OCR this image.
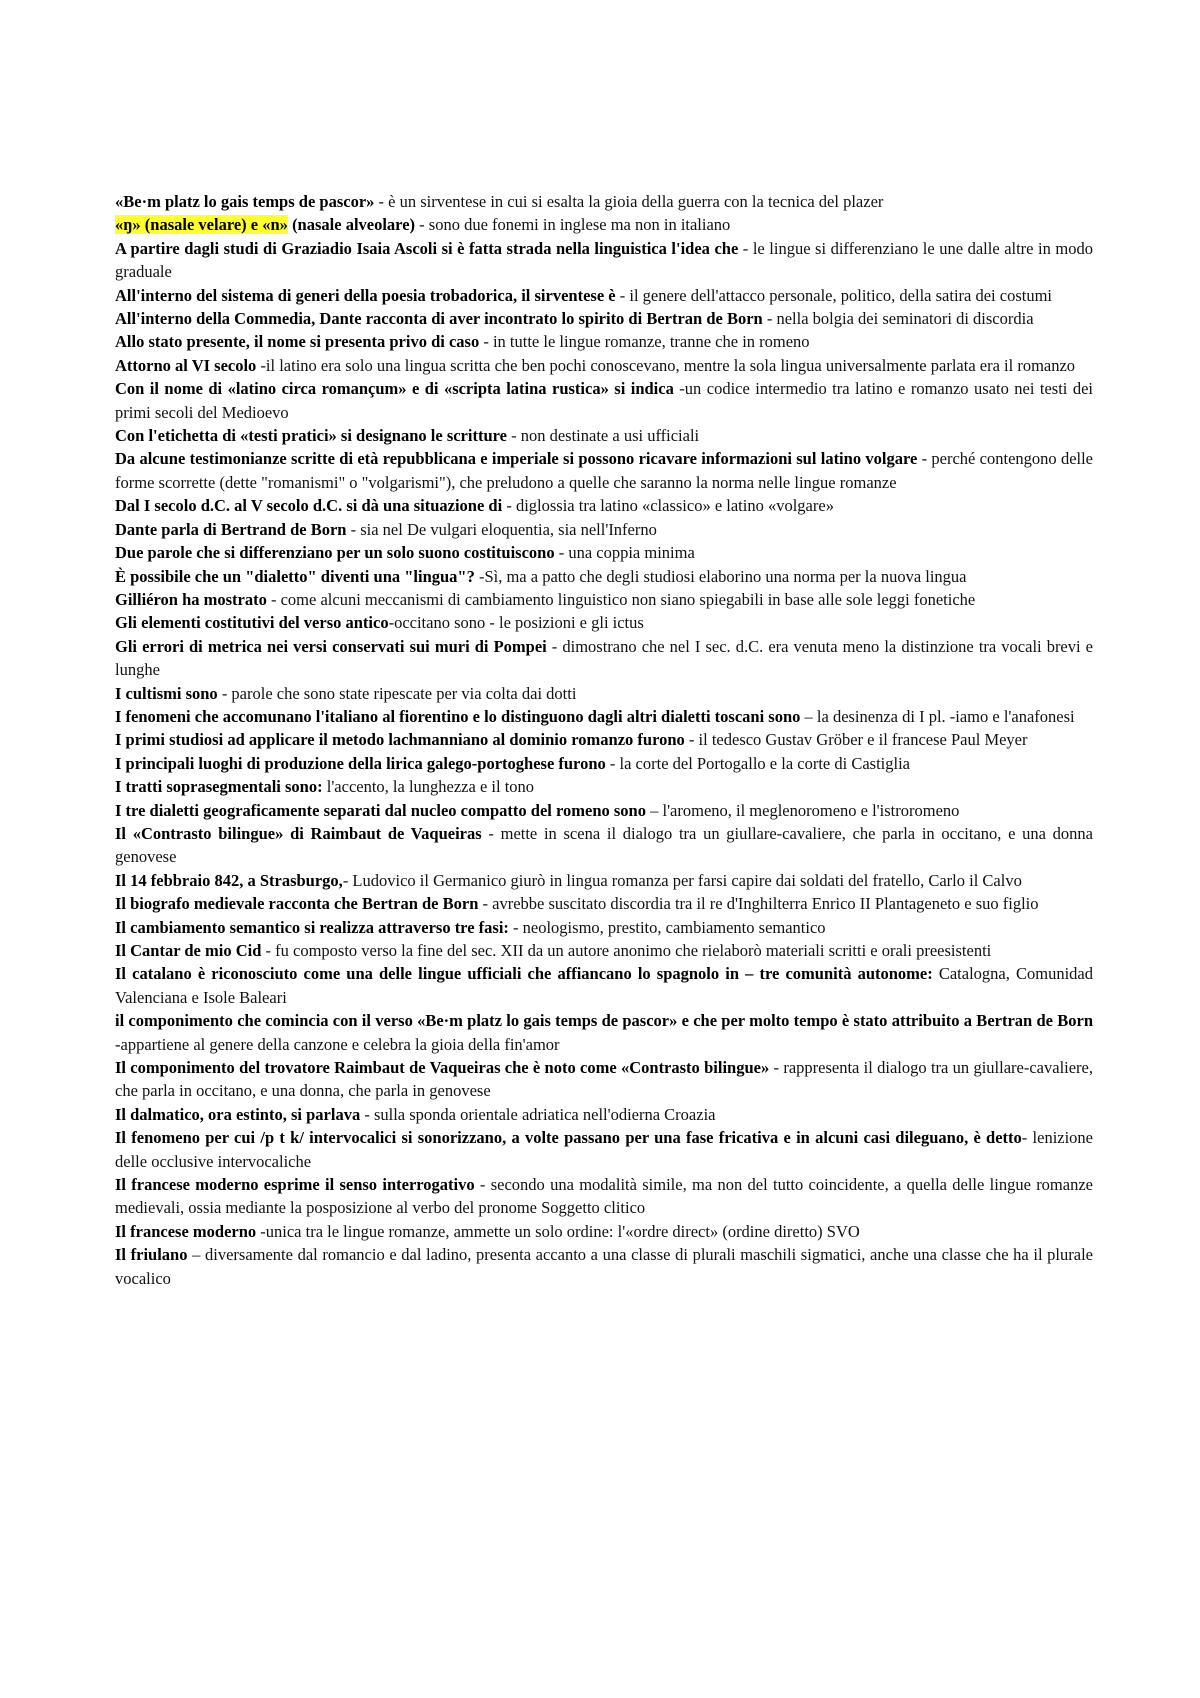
«Be·m platz lo gais temps de pascor» - è un sirventese in cui si esalta la gioia della guerra con la tecnica del plazer

«ŋ» (nasale velare) e «n» (nasale alveolare) - sono due fonemi in inglese ma non in italiano

A partire dagli studi di Graziadio Isaia Ascoli si è fatta strada nella linguistica l'idea che - le lingue si differenziano le une dalle altre in modo graduale

All'interno del sistema di generi della poesia trobadorica, il sirventese è - il genere dell'attacco personale, politico, della satira dei costumi

All'interno della Commedia, Dante racconta di aver incontrato lo spirito di Bertran de Born - nella bolgia dei seminatori di discordia

Allo stato presente, il nome si presenta privo di caso - in tutte le lingue romanze, tranne che in romeno

Attorno al VI secolo -il latino era solo una lingua scritta che ben pochi conoscevano, mentre la sola lingua universalmente parlata era il romanzo

Con il nome di «latino circa romançum» e di «scripta latina rustica» si indica -un codice intermedio tra latino e romanzo usato nei testi dei primi secoli del Medioevo

Con l'etichetta di «testi pratici» si designano le scritture - non destinate a usi ufficiali

Da alcune testimonianze scritte di età repubblicana e imperiale si possono ricavare informazioni sul latino volgare - perché contengono delle forme scorrette (dette "romanismi" o "volgarismi"), che preludono a quelle che saranno la norma nelle lingue romanze

Dal I secolo d.C. al V secolo d.C. si dà una situazione di - diglossia tra latino «classico» e latino «volgare»

Dante parla di Bertrand de Born - sia nel De vulgari eloquentia, sia nell'Inferno

Due parole che si differenziano per un solo suono costituiscono - una coppia minima

È possibile che un "dialetto" diventi una "lingua"? -Sì, ma a patto che degli studiosi elaborino una norma per la nuova lingua

Gilliéron ha mostrato - come alcuni meccanismi di cambiamento linguistico non siano spiegabili in base alle sole leggi fonetiche

Gli elementi costitutivi del verso antico-occitano sono - le posizioni e gli ictus

Gli errori di metrica nei versi conservati sui muri di Pompei - dimostrano che nel I sec. d.C. era venuta meno la distinzione tra vocali brevi e lunghe

I cultismi sono - parole che sono state ripescate per via colta dai dotti

I fenomeni che accomunano l'italiano al fiorentino e lo distinguono dagli altri dialetti toscani sono – la desinenza di I pl. -iamo e l'anafonesi

I primi studiosi ad applicare il metodo lachmanniano al dominio romanzo furono - il tedesco Gustav Gröber e il francese Paul Meyer

I principali luoghi di produzione della lirica galego-portoghese furono - la corte del Portogallo e la corte di Castiglia

I tratti soprasegmentali sono: l'accento, la lunghezza e il tono

I tre dialetti geograficamente separati dal nucleo compatto del romeno sono – l'aromeno, il meglenoromeno e l'istroromeno

Il «Contrasto bilingue» di Raimbaut de Vaqueiras - mette in scena il dialogo tra un giullare-cavaliere, che parla in occitano, e una donna genovese

Il 14 febbraio 842, a Strasburgo,- Ludovico il Germanico giurò in lingua romanza per farsi capire dai soldati del fratello, Carlo il Calvo

Il biografo medievale racconta che Bertran de Born - avrebbe suscitato discordia tra il re d'Inghilterra Enrico II Plantageneto e suo figlio

Il cambiamento semantico si realizza attraverso tre fasi: - neologismo, prestito, cambiamento semantico

Il Cantar de mio Cid - fu composto verso la fine del sec. XII da un autore anonimo che rielaborò materiali scritti e orali preesistenti

Il catalano è riconosciuto come una delle lingue ufficiali che affiancano lo spagnolo in – tre comunità autonome: Catalogna, Comunidad Valenciana e Isole Baleari

il componimento che comincia con il verso «Be·m platz lo gais temps de pascor» e che per molto tempo è stato attribuito a Bertran de Born -appartiene al genere della canzone e celebra la gioia della fin'amor

Il componimento del trovatore Raimbaut de Vaqueiras che è noto come «Contrasto bilingue» - rappresenta il dialogo tra un giullare-cavaliere, che parla in occitano, e una donna, che parla in genovese

Il dalmatico, ora estinto, si parlava - sulla sponda orientale adriatica nell'odierna Croazia

Il fenomeno per cui /p t k/ intervocalici si sonorizzano, a volte passano per una fase fricativa e in alcuni casi dileguano, è detto- lenizione delle occlusive intervocaliche

Il francese moderno esprime il senso interrogativo - secondo una modalità simile, ma non del tutto coincidente, a quella delle lingue romanze medievali, ossia mediante la posposizione al verbo del pronome Soggetto clitico

Il francese moderno -unica tra le lingue romanze, ammette un solo ordine: l'«ordre direct» (ordine diretto) SVO

Il friulano – diversamente dal romancio e dal ladino, presenta accanto a una classe di plurali maschili sigmatici, anche una classe che ha il plurale vocalico
